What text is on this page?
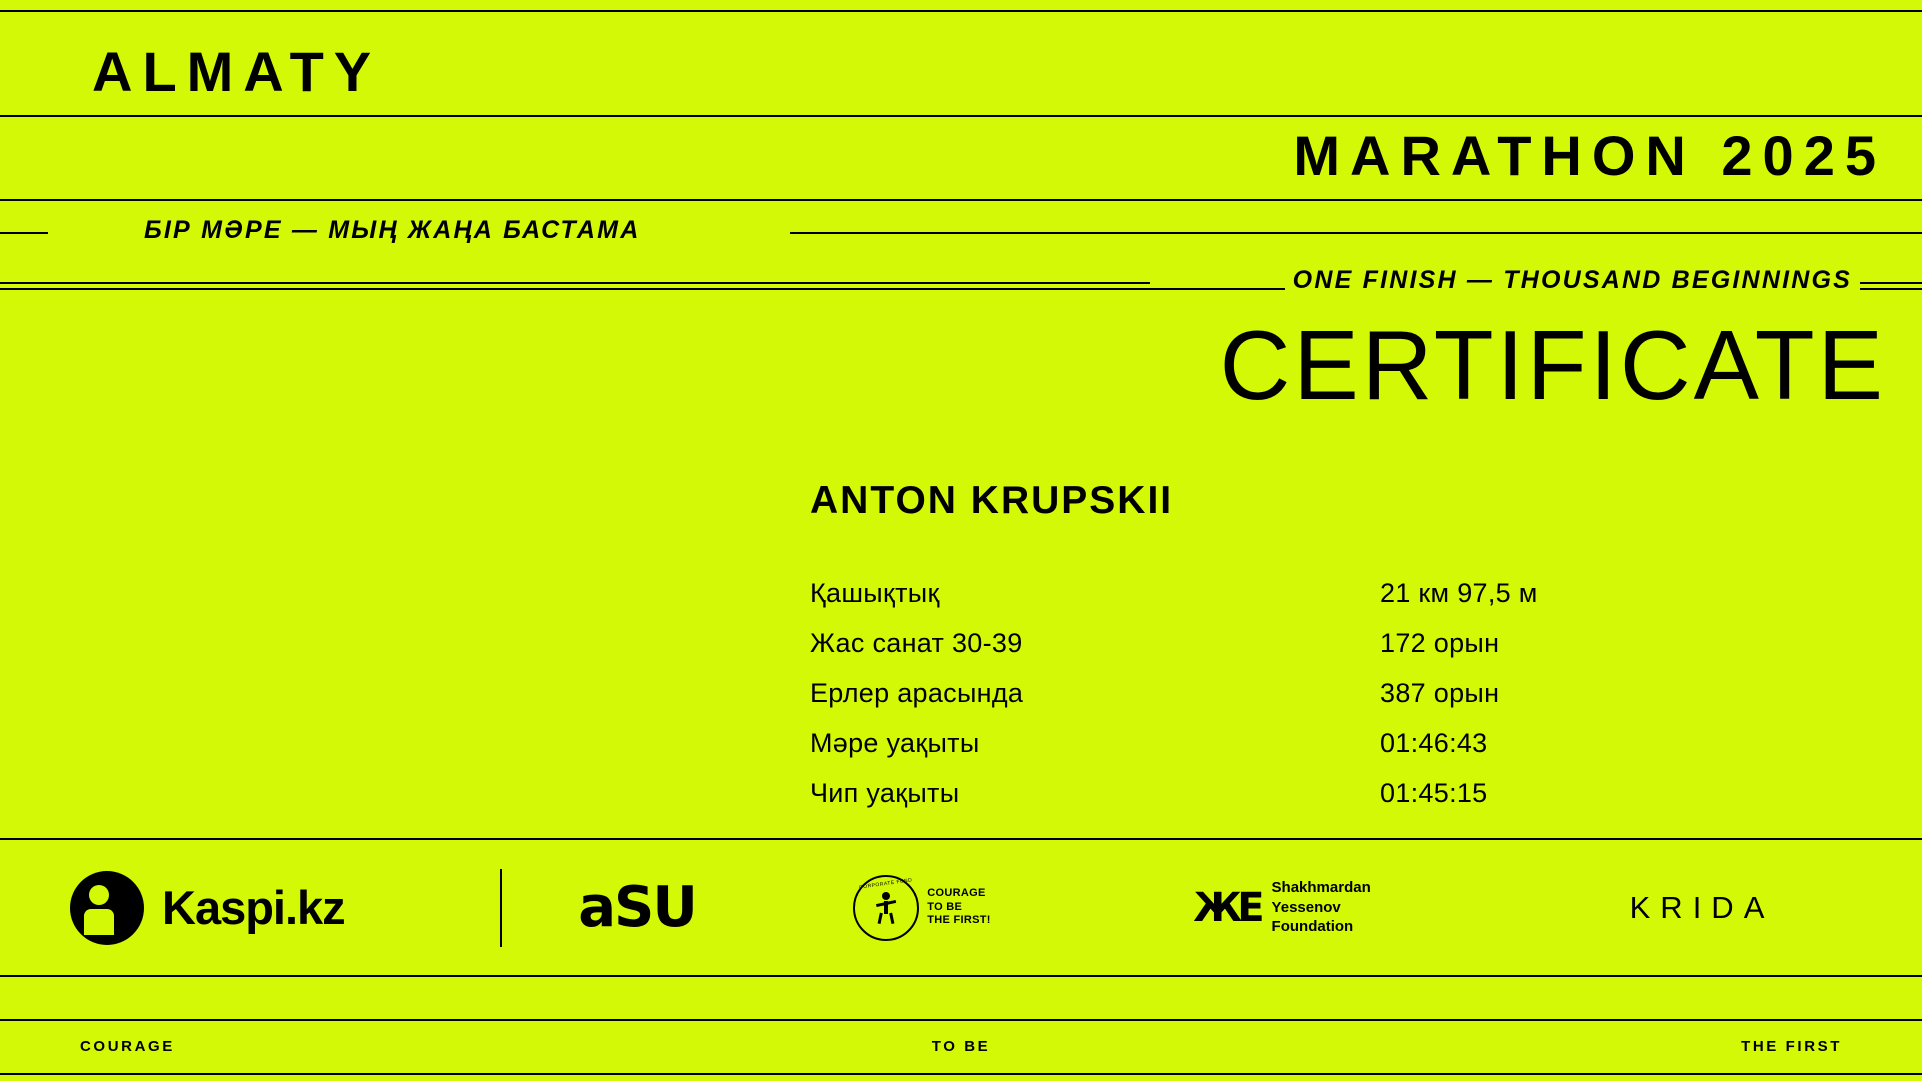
ALMATY
MARATHON 2025
БІР МӘРЕ — МЫҢ ЖАҢА БАСТАМА
ONE FINISH — THOUSAND BEGINNINGS
CERTIFICATE
ANTON KRUPSKII
Қашықтық	21 км 97,5 м
Жас санат 30-39	172 орын
Ерлер арасында	387 орын
Мәре уақыты	01:46:43
Чип уақыты	01:45:15
Kaspi.kz	aSU	CORPORATE FUND
COURAGE
TO BE
THE FIRST!	ЖЕ Shakhmardan
Yessenov
Foundation
KRIDA
COURAGE	TO BE	THE FIRST
